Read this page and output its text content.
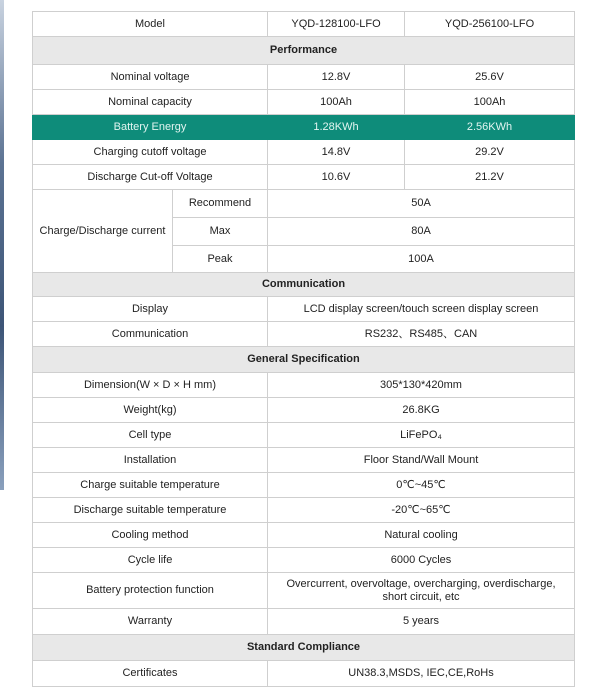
Model		YQD-128100-LFO	YQD-256100-LFO
Performance			
Nominal voltage		12.8V	25.6V
Nominal capacity		100Ah	100Ah
Battery Energy		1.28KWh	2.56KWh
Charging cutoff voltage		14.8V	29.2V
Discharge Cut-off Voltage		10.6V	21.2V
Charge/Discharge current	Recommend	50A	
	Max	80A	
	Peak	100A	
Communication			
Display		LCD display screen/touch screen display screen	
Communication		RS232、RS485、CAN	
General Specification			
Dimension(W × D × H mm)		305*130*420mm	
Weight(kg)		26.8KG	
Cell type		LiFePO₄	
Installation		Floor Stand/Wall Mount	
Charge suitable temperature		0℃~45℃	
Discharge suitable temperature		-20℃~65℃	
Cooling method		Natural cooling	
Cycle life		6000 Cycles	
Battery protection function		Overcurrent, overvoltage, overcharging, overdischarge, short circuit, etc	
Warranty		5 years	
Standard Compliance			
Certificates		UN38.3,MSDS, IEC,CE,RoHs	
